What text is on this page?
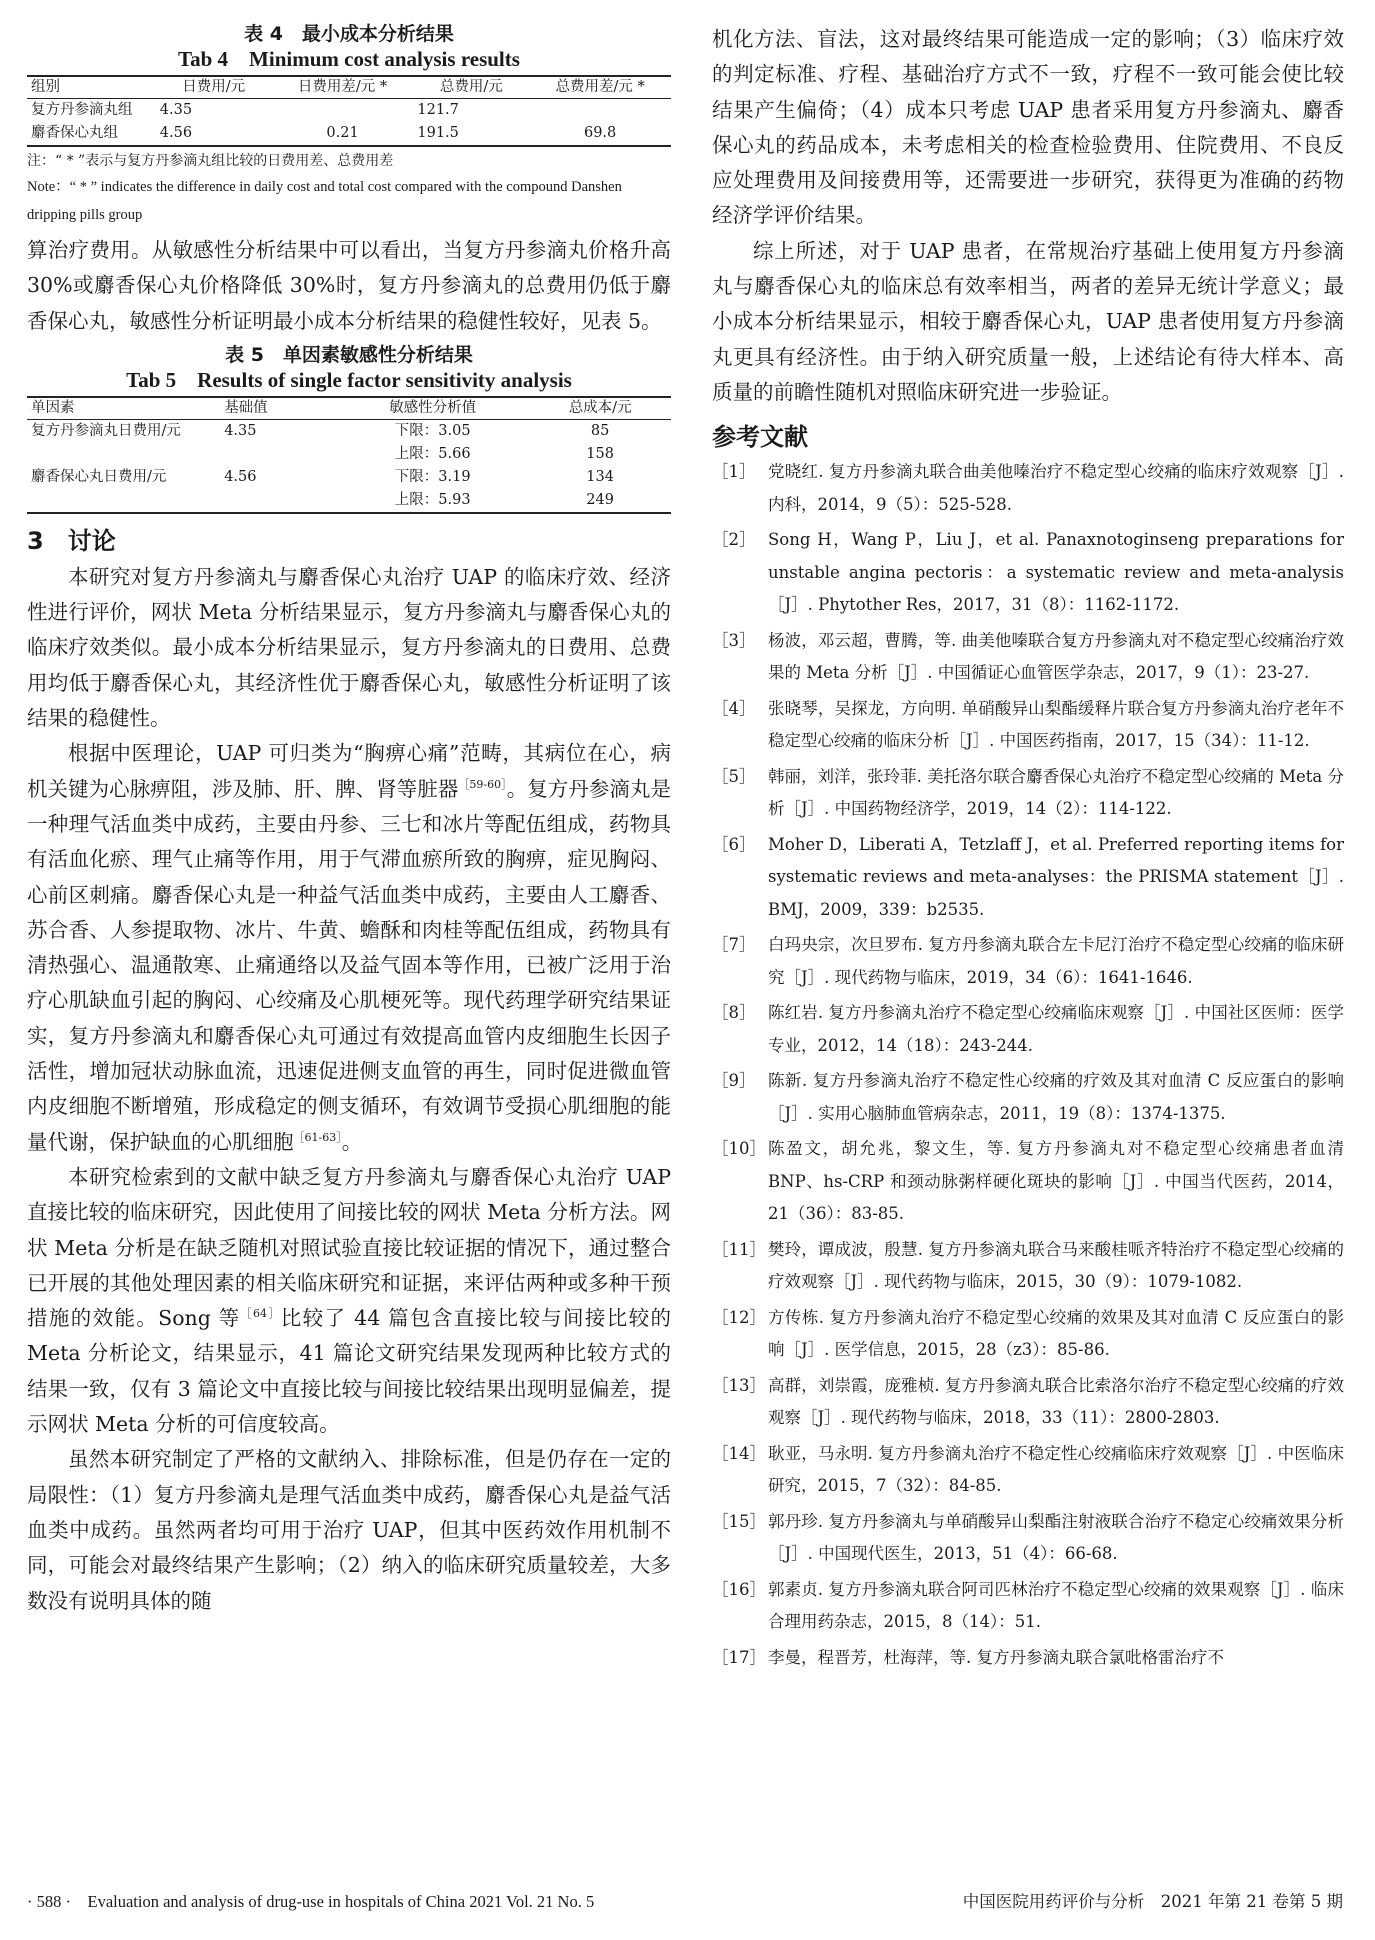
表 4　最小成本分析结果

Tab 4　Minimum cost analysis results

组别	日费用/元	日费用差/元 *	总费用/元	总费用差/元 *
复方丹参滴丸组	4.35		121.7	
麝香保心丸组	4.56	0.21	191.5	69.8

注：“ * ”表示与复方丹参滴丸组比较的日费用差、总费用差

Note：“ * ” indicates the difference in daily cost and total cost compared with the compound Danshen dripping pills group

算治疗费用。从敏感性分析结果中可以看出，当复方丹参滴丸价格升高 30%或麝香保心丸价格降低 30%时，复方丹参滴丸的总费用仍低于麝香保心丸，敏感性分析证明最小成本分析结果的稳健性较好，见表 5。

表 5　单因素敏感性分析结果

Tab 5　Results of single factor sensitivity analysis

单因素	基础值	敏感性分析值	总成本/元
复方丹参滴丸日费用/元	4.35	下限：3.05	85
		上限：5.66	158
麝香保心丸日费用/元	4.56	下限：3.19	134
		上限：5.93	249
3　讨论

本研究对复方丹参滴丸与麝香保心丸治疗 UAP 的临床疗效、经济性进行评价，网状 Meta 分析结果显示，复方丹参滴丸与麝香保心丸的临床疗效类似。最小成本分析结果显示，复方丹参滴丸的日费用、总费用均低于麝香保心丸，其经济性优于麝香保心丸，敏感性分析证明了该结果的稳健性。

根据中医理论，UAP 可归类为“胸痹心痛”范畴，其病位在心，病机关键为心脉痹阻，涉及肺、肝、脾、肾等脏器$^{[59-60]}$。复方丹参滴丸是一种理气活血类中成药，主要由丹参、三七和冰片等配伍组成，药物具有活血化瘀、理气止痛等作用，用于气滞血瘀所致的胸痹，症见胸闷、心前区刺痛。麝香保心丸是一种益气活血类中成药，主要由人工麝香、苏合香、人参提取物、冰片、牛黄、蟾酥和肉桂等配伍组成，药物具有清热强心、温通散寒、止痛通络以及益气固本等作用，已被广泛用于治疗心肌缺血引起的胸闷、心绞痛及心肌梗死等。现代药理学研究结果证实，复方丹参滴丸和麝香保心丸可通过有效提高血管内皮细胞生长因子活性，增加冠状动脉血流，迅速促进侧支血管的再生，同时促进微血管内皮细胞不断增殖，形成稳定的侧支循环，有效调节受损心肌细胞的能量代谢，保护缺血的心肌细胞$^{[61-63]}$。

本研究检索到的文献中缺乏复方丹参滴丸与麝香保心丸治疗 UAP 直接比较的临床研究，因此使用了间接比较的网状 Meta 分析方法。网状 Meta 分析是在缺乏随机对照试验直接比较证据的情况下，通过整合已开展的其他处理因素的相关临床研究和证据，来评估两种或多种干预措施的效能。Song 等$^{[64]}$比较了 44 篇包含直接比较与间接比较的 Meta 分析论文，结果显示，41 篇论文研究结果发现两种比较方式的结果一致，仅有 3 篇论文中直接比较与间接比较结果出现明显偏差，提示网状 Meta 分析的可信度较高。

虽然本研究制定了严格的文献纳入、排除标准，但是仍存在一定的局限性：（1）复方丹参滴丸是理气活血类中成药，麝香保心丸是益气活血类中成药。虽然两者均可用于治疗 UAP，但其中医药效作用机制不同，可能会对最终结果产生影响；（2）纳入的临床研究质量较差，大多数没有说明具体的随

机化方法、盲法，这对最终结果可能造成一定的影响；（3）临床疗效的判定标准、疗程、基础治疗方式不一致，疗程不一致可能会使比较结果产生偏倚；（4）成本只考虑 UAP 患者采用复方丹参滴丸、麝香保心丸的药品成本，未考虑相关的检查检验费用、住院费用、不良反应处理费用及间接费用等，还需要进一步研究，获得更为准确的药物经济学评价结果。

综上所述，对于 UAP 患者，在常规治疗基础上使用复方丹参滴丸与麝香保心丸的临床总有效率相当，两者的差异无统计学意义；最小成本分析结果显示，相较于麝香保心丸，UAP 患者使用复方丹参滴丸更具有经济性。由于纳入研究质量一般，上述结论有待大样本、高质量的前瞻性随机对照临床研究进一步验证。

参考文献
［1］ 党晓红. 复方丹参滴丸联合曲美他嗪治疗不稳定型心绞痛的临床疗效观察［J］. 内科，2014，9（5）：525-528.
［2］ Song H，Wang P，Liu J，et al. Panaxnotoginseng preparations for unstable angina pectoris：a systematic review and meta-analysis［J］. Phytother Res，2017，31（8）：1162-1172.
［3］ 杨波，邓云超，曹腾，等. 曲美他嗪联合复方丹参滴丸对不稳定型心绞痛治疗效果的 Meta 分析［J］. 中国循证心血管医学杂志，2017，9（1）：23-27.
［4］ 张晓琴，吴探龙，方向明. 单硝酸异山梨酯缓释片联合复方丹参滴丸治疗老年不稳定型心绞痛的临床分析［J］. 中国医药指南，2017，15（34）：11-12.
［5］ 韩丽，刘洋，张玲菲. 美托洛尔联合麝香保心丸治疗不稳定型心绞痛的 Meta 分析［J］. 中国药物经济学，2019，14（2）：114-122.
［6］ Moher D，Liberati A，Tetzlaff J，et al. Preferred reporting items for systematic reviews and meta-analyses：the PRISMA statement［J］. BMJ，2009，339：b2535.
［7］ 白玛央宗，次旦罗布. 复方丹参滴丸联合左卡尼汀治疗不稳定型心绞痛的临床研究［J］. 现代药物与临床，2019，34（6）：1641-1646.
［8］ 陈红岩. 复方丹参滴丸治疗不稳定型心绞痛临床观察［J］. 中国社区医师：医学专业，2012，14（18）：243-244.
［9］ 陈新. 复方丹参滴丸治疗不稳定性心绞痛的疗效及其对血清 C 反应蛋白的影响［J］. 实用心脑肺血管病杂志，2011，19（8）：1374-1375.
［10］ 陈盈文，胡允兆，黎文生，等. 复方丹参滴丸对不稳定型心绞痛患者血清 BNP、hs-CRP 和颈动脉粥样硬化斑块的影响［J］. 中国当代医药，2014，21（36）：83-85.
［11］ 樊玲，谭成波，殷慧. 复方丹参滴丸联合马来酸桂哌齐特治疗不稳定型心绞痛的疗效观察［J］. 现代药物与临床，2015，30（9）：1079-1082.
［12］ 方传栋. 复方丹参滴丸治疗不稳定型心绞痛的效果及其对血清 C 反应蛋白的影响［J］. 医学信息，2015，28（z3）：85-86.
［13］ 高群，刘崇霞，庞雅桢. 复方丹参滴丸联合比索洛尔治疗不稳定型心绞痛的疗效观察［J］. 现代药物与临床，2018，33（11）：2800-2803.
［14］ 耿亚，马永明. 复方丹参滴丸治疗不稳定性心绞痛临床疗效观察［J］. 中医临床研究，2015，7（32）：84-85.
［15］ 郭丹珍. 复方丹参滴丸与单硝酸异山梨酯注射液联合治疗不稳定心绞痛效果分析［J］. 中国现代医生，2013，51（4）：66-68.
［16］ 郭素贞. 复方丹参滴丸联合阿司匹林治疗不稳定型心绞痛的效果观察［J］. 临床合理用药杂志，2015，8（14）：51.
［17］ 李曼，程晋芳，杜海萍，等. 复方丹参滴丸联合氯吡格雷治疗不
· 588 ·　Evaluation and analysis of drug-use in hospitals of China 2021 Vol. 21 No. 5	中国医院用药评价与分析　2021 年第 21 卷第 5 期
